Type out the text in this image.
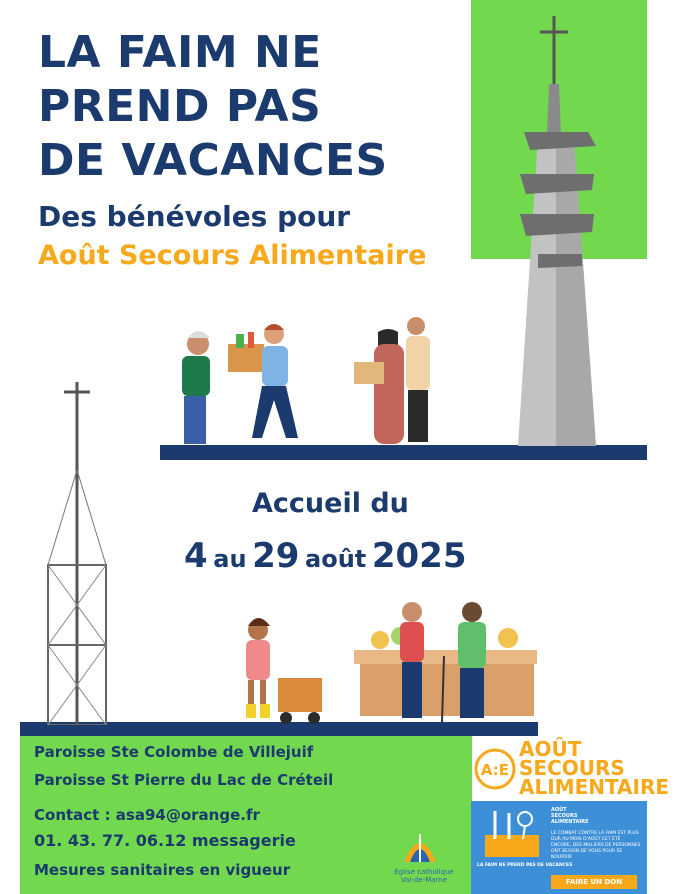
LA FAIM NE
PREND PAS
DE VACANCES
Des bénévoles pour
Août Secours Alimentaire
Accueil du
4 au 29 août 2025
Paroisse Ste Colombe de Villejuif
Paroisse St Pierre du Lac de Créteil
Contact : asa94@orange.fr
01. 43. 77. 06.12 messagerie
Mesures sanitaires en vigueur
A:E
AOÛT
SECOURS
ALIMENTAIRE
LA FAIM NE PREND PAS DE VACANCES
AOÛT
SECOURS
ALIMENTAIRE
LE COMBAT CONTRE LA FAIM EST PLUS DUR AU MOIS D'AOÛT CET ÉTÉ ENCORE, DES MILLIERS DE PERSONNES ONT BESOIN DE VOUS POUR SE NOURRIR
FAIRE UN DON
Église catholique
Val-de-Marne
